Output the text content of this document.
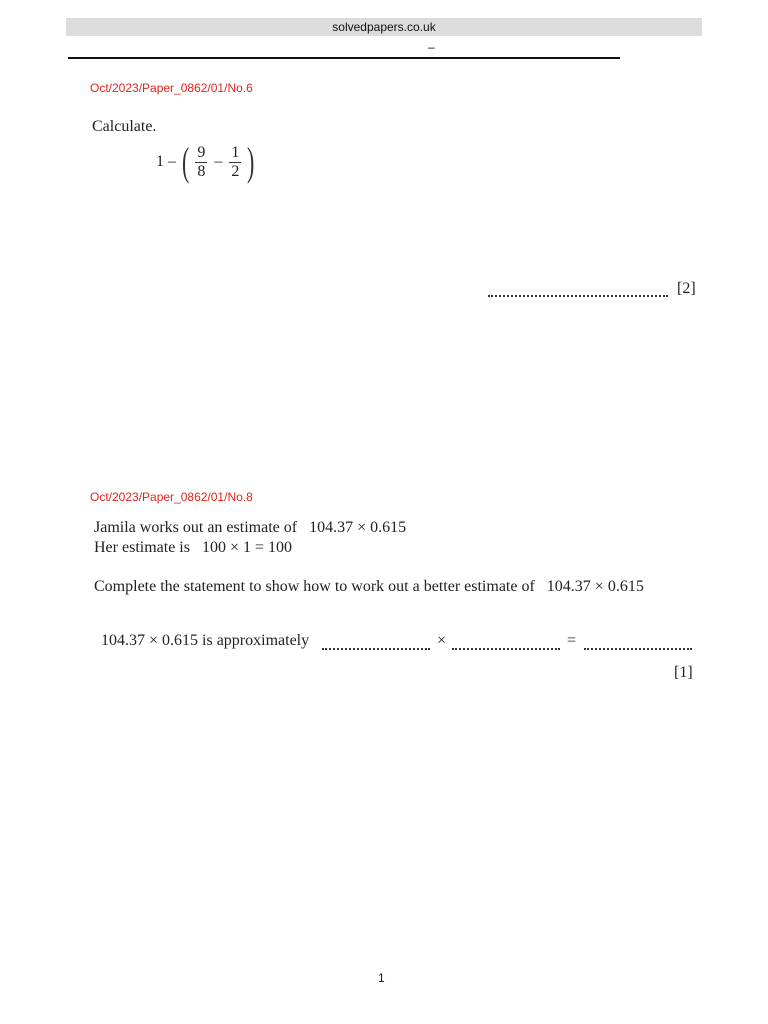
solvedpapers.co.uk
–
Oct/2023/Paper_0862/01/No.6
Calculate.
1 – ( $\frac{9}{8} - \frac{1}{2}$ )
[2]
Oct/2023/Paper_0862/01/No.8
Jamila works out an estimate of   104.37 × 0.615
Her estimate is   100 × 1 = 100
Complete the statement to show how to work out a better estimate of   104.37 × 0.615
104.37 × 0.615 is approximately	×	=
[1]
1
